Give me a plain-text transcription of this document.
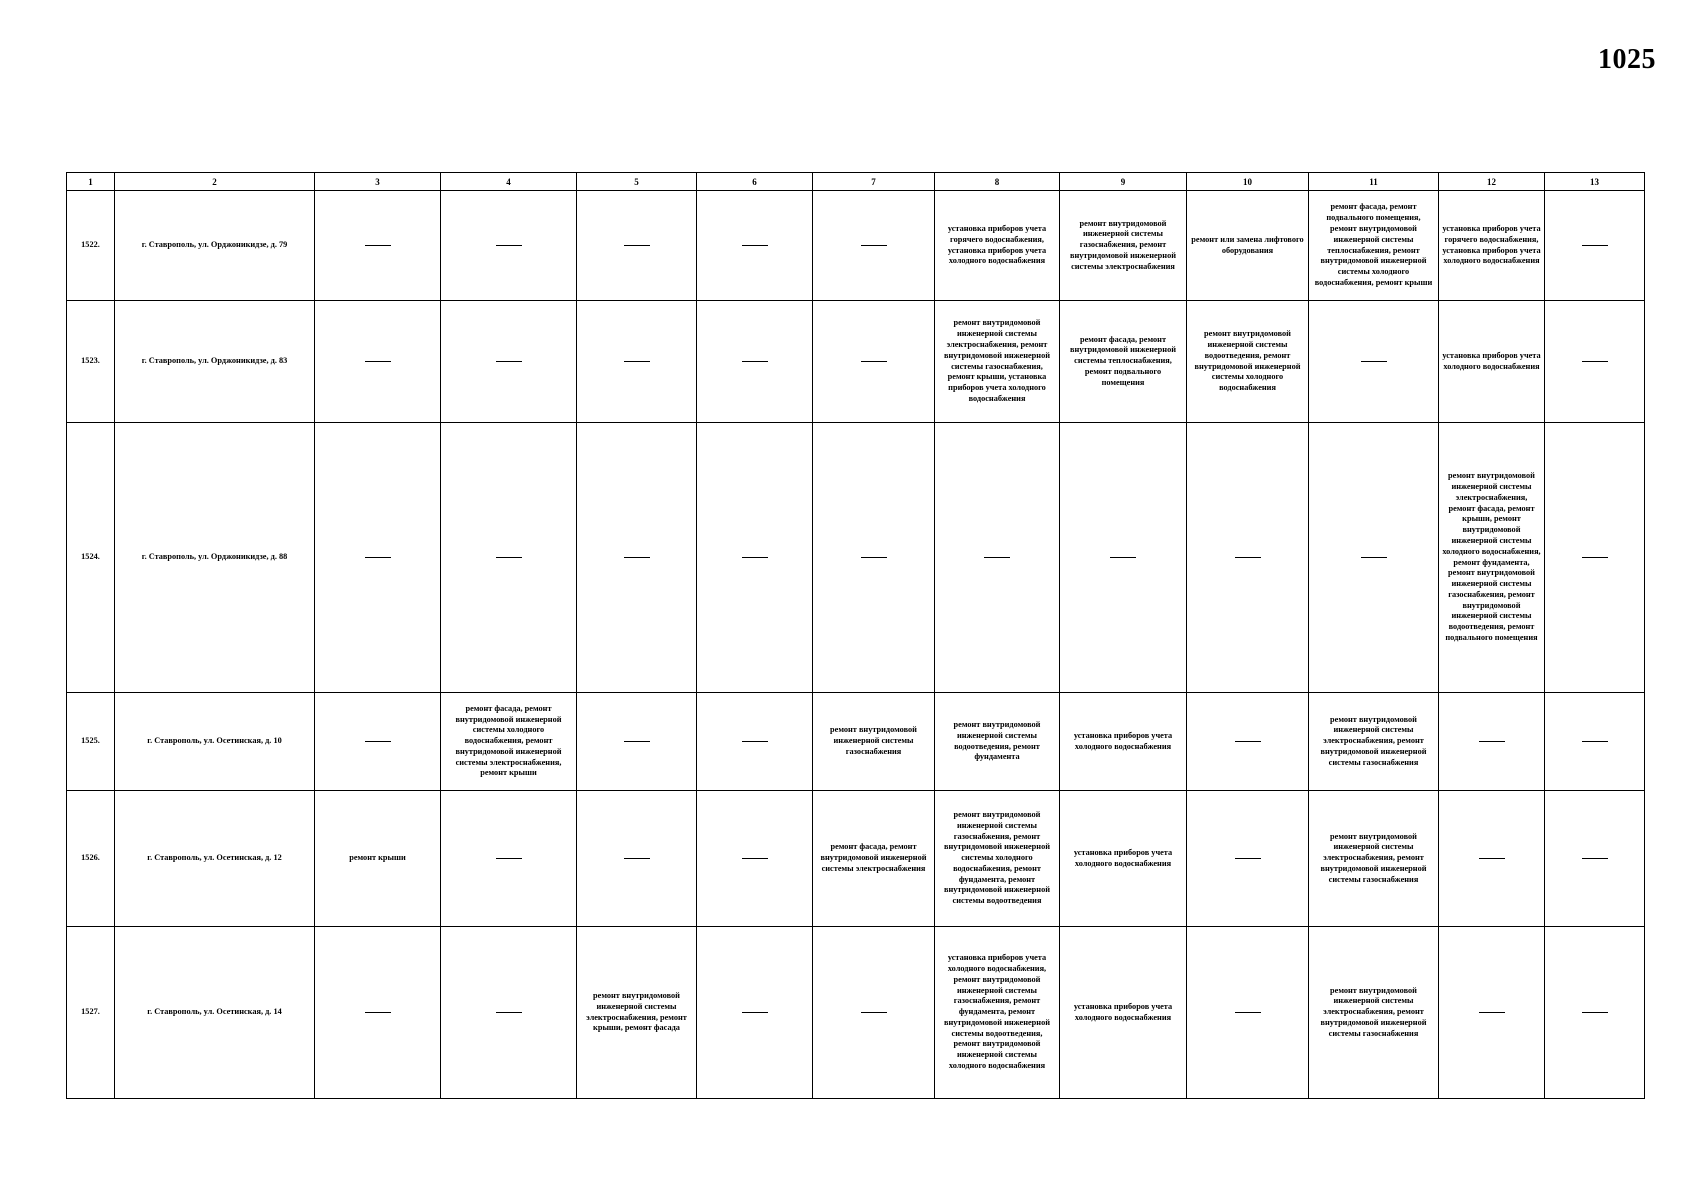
1025
1	2	3	4	5	6	7	8	9	10	11	12	13
1522.	г. Ставрополь, ул. Орджоникидзе, д. 79						установка приборов учета горячего водоснабжения, установка приборов учета холодного водоснабжения	ремонт внутридомовой инженерной системы газоснабжения, ремонт внутридомовой инженерной системы электроснабжения	ремонт или замена лифтового оборудования	ремонт фасада, ремонт подвального помещения, ремонт внутридомовой инженерной системы теплоснабжения, ремонт внутридомовой инженерной системы холодного водоснабжения, ремонт крыши	установка приборов учета горячего водоснабжения, установка приборов учета холодного водоснабжения	
1523.	г. Ставрополь, ул. Орджоникидзе, д. 83						ремонт внутридомовой инженерной системы электроснабжения, ремонт внутридомовой инженерной системы газоснабжения, ремонт крыши, установка приборов учета холодного водоснабжения	ремонт фасада, ремонт внутридомовой инженерной системы теплоснабжения, ремонт подвального помещения	ремонт внутридомовой инженерной системы водоотведения, ремонт внутридомовой инженерной системы холодного водоснабжения		установка приборов учета холодного водоснабжения	
1524.	г. Ставрополь, ул. Орджоникидзе, д. 88										ремонт внутридомовой инженерной системы электроснабжения, ремонт фасада, ремонт крыши, ремонт внутридомовой инженерной системы холодного водоснабжения, ремонт фундамента, ремонт внутридомовой инженерной системы газоснабжения, ремонт внутридомовой инженерной системы водоотведения, ремонт подвального помещения	
1525.	г. Ставрополь, ул. Осетинская, д. 10		ремонт фасада, ремонт внутридомовой инженерной системы холодного водоснабжения, ремонт внутридомовой инженерной системы электроснабжения, ремонт крыши			ремонт внутридомовой инженерной системы газоснабжения	ремонт внутридомовой инженерной системы водоотведения, ремонт фундамента	установка приборов учета холодного водоснабжения		ремонт внутридомовой инженерной системы электроснабжения, ремонт внутридомовой инженерной системы газоснабжения		
1526.	г. Ставрополь, ул. Осетинская, д. 12	ремонт крыши				ремонт фасада, ремонт внутридомовой инженерной системы электроснабжения	ремонт внутридомовой инженерной системы газоснабжения, ремонт внутридомовой инженерной системы холодного водоснабжения, ремонт фундамента, ремонт внутридомовой инженерной системы водоотведения	установка приборов учета холодного водоснабжения		ремонт внутридомовой инженерной системы электроснабжения, ремонт внутридомовой инженерной системы газоснабжения		
1527.	г. Ставрополь, ул. Осетинская, д. 14			ремонт внутридомовой инженерной системы электроснабжения, ремонт крыши, ремонт фасада			установка приборов учета холодного водоснабжения, ремонт внутридомовой инженерной системы газоснабжения, ремонт фундамента, ремонт внутридомовой инженерной системы водоотведения, ремонт внутридомовой инженерной системы холодного водоснабжения	установка приборов учета холодного водоснабжения		ремонт внутридомовой инженерной системы электроснабжения, ремонт внутридомовой инженерной системы газоснабжения		
